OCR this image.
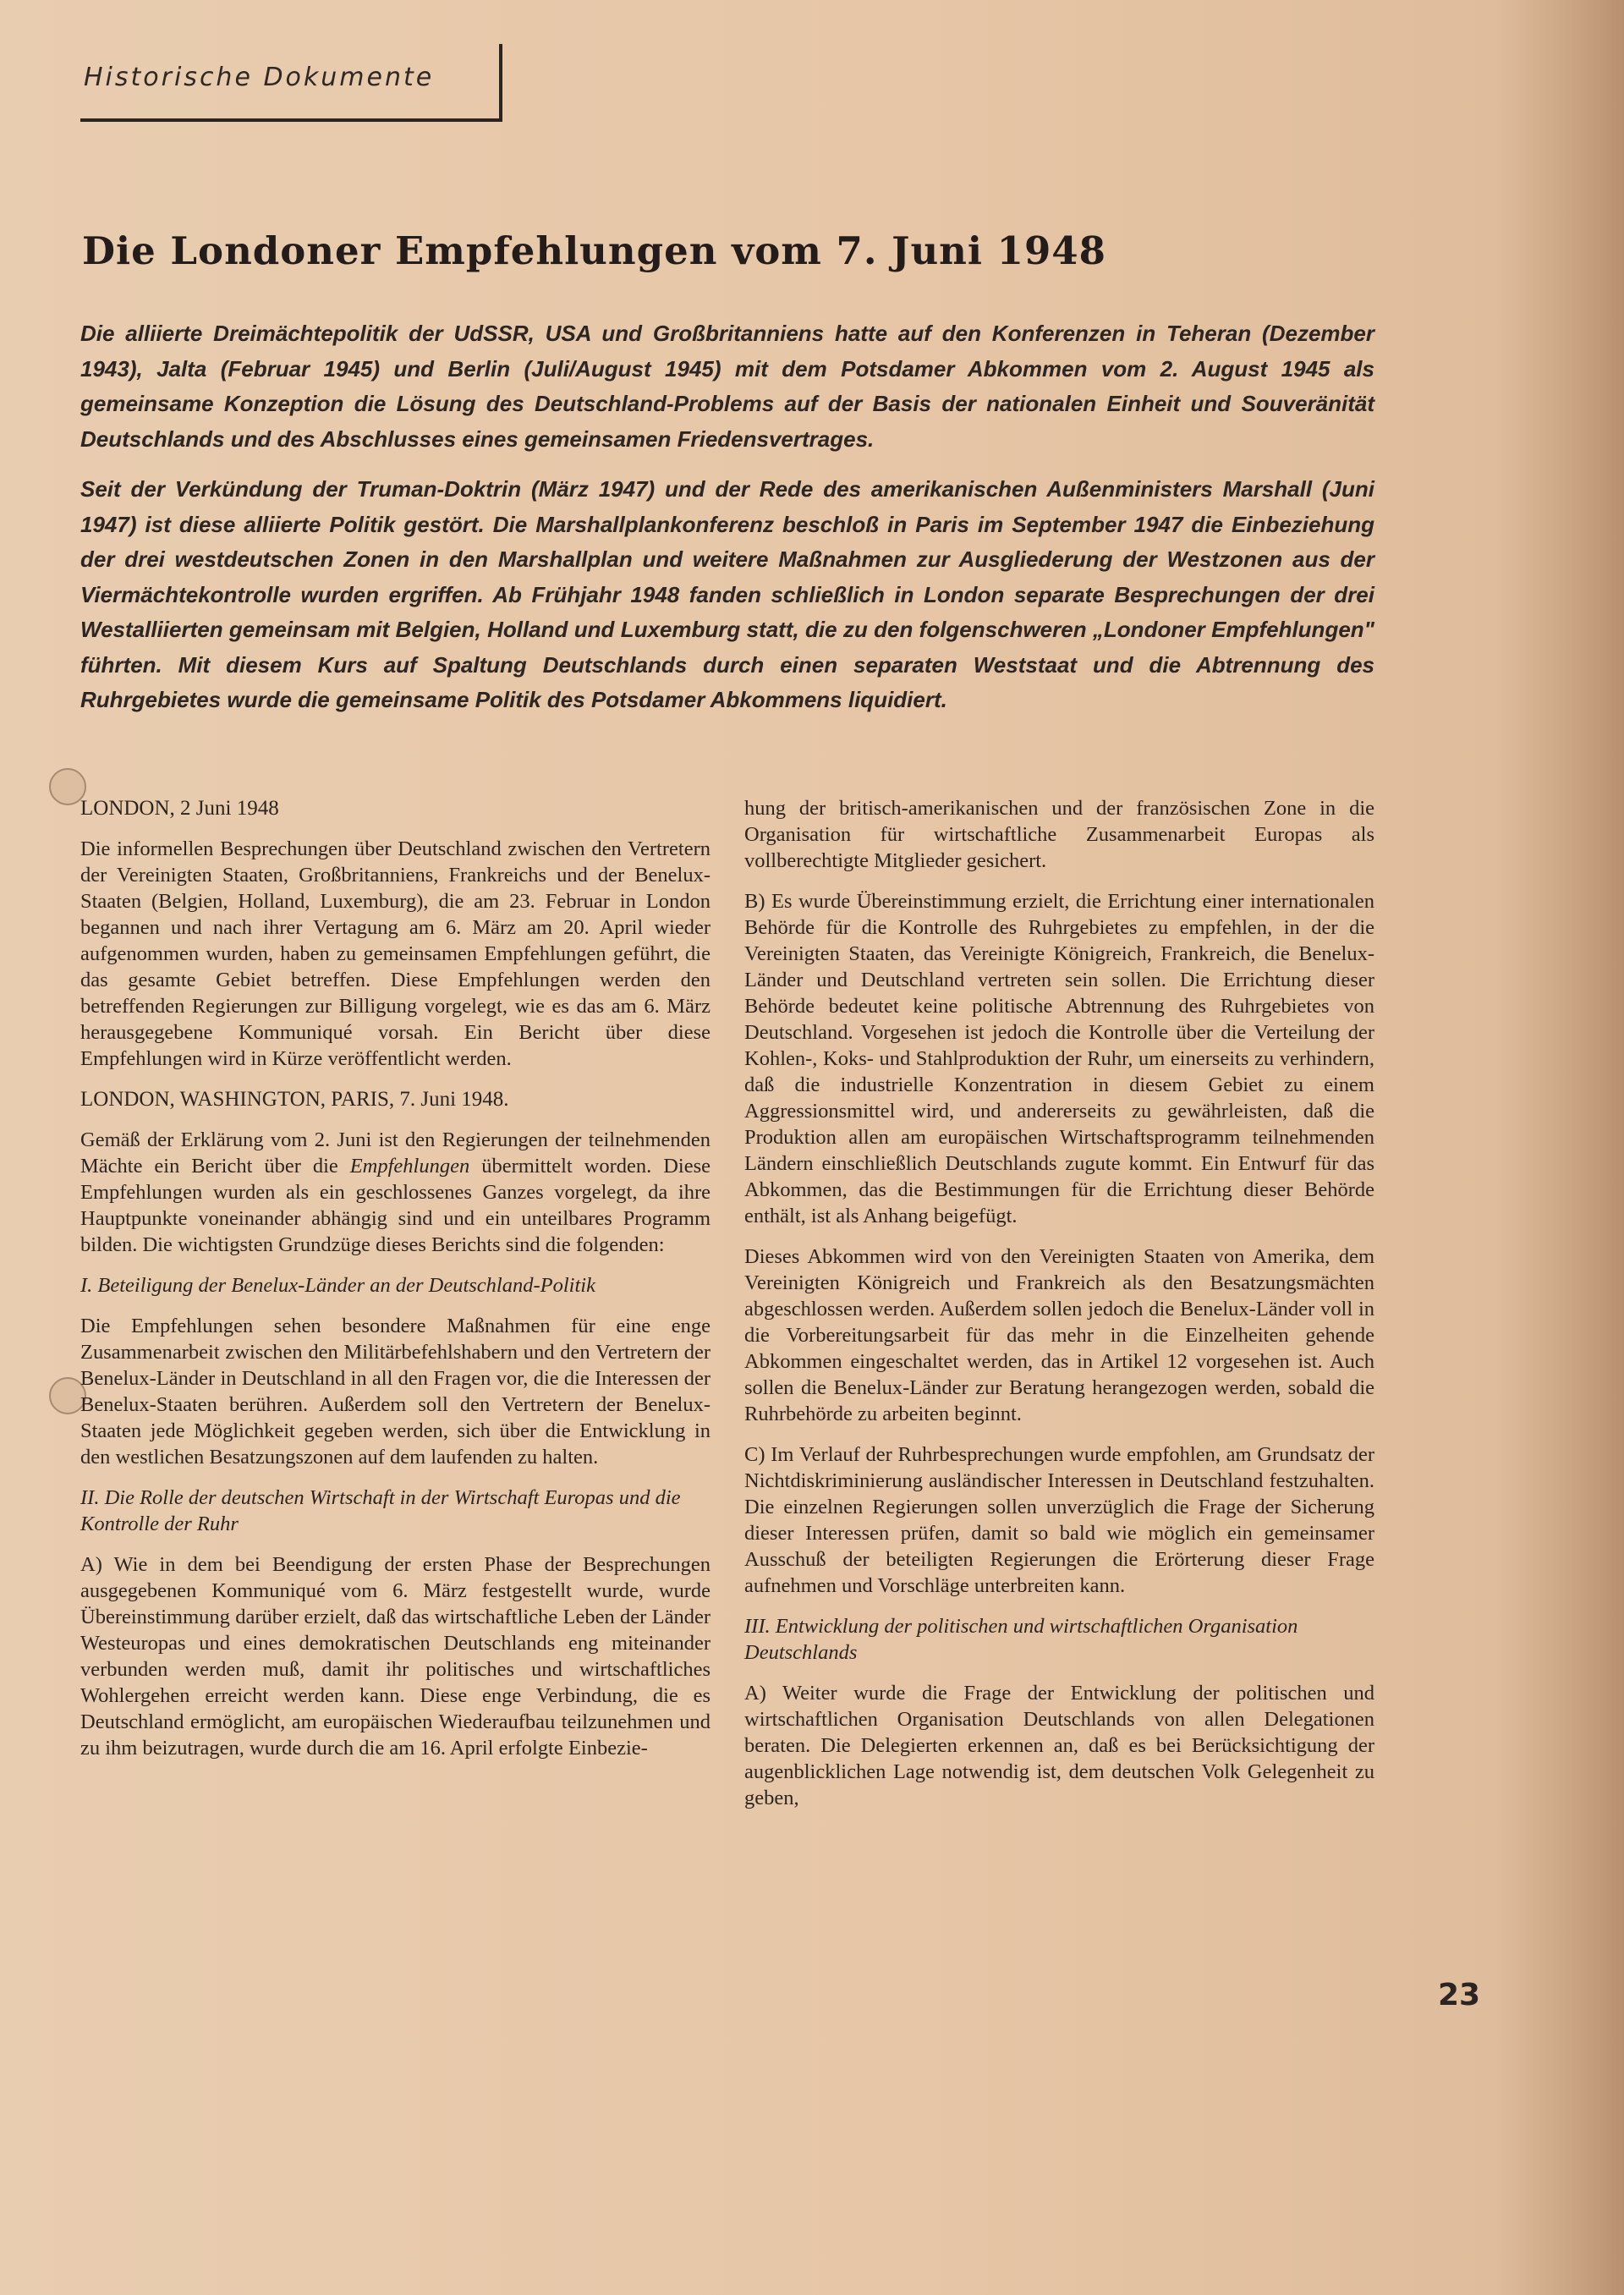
Historische Dokumente
Die Londoner Empfehlungen vom 7. Juni 1948

Die alliierte Dreimächtepolitik der UdSSR, USA und Großbritanniens hatte auf den Konferenzen in Teheran (Dezember 1943), Jalta (Februar 1945) und Berlin (Juli/August 1945) mit dem Potsdamer Abkommen vom 2. August 1945 als gemeinsame Konzeption die Lösung des Deutschland-Problems auf der Basis der nationalen Einheit und Souveränität Deutschlands und des Abschlusses eines gemeinsamen Friedensvertrages.

Seit der Verkündung der Truman-Doktrin (März 1947) und der Rede des amerikanischen Außenministers Marshall (Juni 1947) ist diese alliierte Politik gestört. Die Marshallplankonferenz beschloß in Paris im September 1947 die Einbeziehung der drei westdeutschen Zonen in den Marshallplan und weitere Maßnahmen zur Ausgliederung der Westzonen aus der Viermächtekontrolle wurden ergriffen. Ab Frühjahr 1948 fanden schließlich in London separate Besprechungen der drei Westalliierten gemeinsam mit Belgien, Holland und Luxemburg statt, die zu den folgenschweren „Londoner Empfehlungen" führten. Mit diesem Kurs auf Spaltung Deutschlands durch einen separaten Weststaat und die Abtrennung des Ruhrgebietes wurde die gemeinsame Politik des Potsdamer Abkommens liquidiert.

LONDON, 2 Juni 1948

Die informellen Besprechungen über Deutschland zwischen den Vertretern der Vereinigten Staaten, Großbritanniens, Frankreichs und der Benelux-Staaten (Belgien, Holland, Luxemburg), die am 23. Februar in London begannen und nach ihrer Vertagung am 6. März am 20. April wieder aufgenommen wurden, haben zu gemeinsamen Empfehlungen geführt, die das gesamte Gebiet betreffen. Diese Empfehlungen werden den betreffenden Regierungen zur Billigung vorgelegt, wie es das am 6. März herausgegebene Kommuniqué vorsah. Ein Bericht über diese Empfehlungen wird in Kürze veröffentlicht werden.

LONDON, WASHINGTON, PARIS, 7. Juni 1948.

Gemäß der Erklärung vom 2. Juni ist den Regierungen der teilnehmenden Mächte ein Bericht über die Empfehlungen übermittelt worden. Diese Empfehlungen wurden als ein geschlossenes Ganzes vorgelegt, da ihre Hauptpunkte voneinander abhängig sind und ein unteilbares Programm bilden. Die wichtigsten Grundzüge dieses Berichts sind die folgenden:

I. Beteiligung der Benelux-Länder an der Deutschland-Politik

Die Empfehlungen sehen besondere Maßnahmen für eine enge Zusammenarbeit zwischen den Militärbefehlshabern und den Vertretern der Benelux-Länder in Deutschland in all den Fragen vor, die die Interessen der Benelux-Staaten berühren. Außerdem soll den Vertretern der Benelux-Staaten jede Möglichkeit gegeben werden, sich über die Entwicklung in den westlichen Besatzungszonen auf dem laufenden zu halten.

II. Die Rolle der deutschen Wirtschaft in der Wirtschaft Europas und die Kontrolle der Ruhr

A) Wie in dem bei Beendigung der ersten Phase der Besprechungen ausgegebenen Kommuniqué vom 6. März festgestellt wurde, wurde Übereinstimmung darüber erzielt, daß das wirtschaftliche Leben der Länder Westeuropas und eines demokratischen Deutschlands eng miteinander verbunden werden muß, damit ihr politisches und wirtschaftliches Wohlergehen erreicht werden kann. Diese enge Verbindung, die es Deutschland ermöglicht, am europäischen Wiederaufbau teilzunehmen und zu ihm beizutragen, wurde durch die am 16. April erfolgte Einbezie-

hung der britisch-amerikanischen und der französischen Zone in die Organisation für wirtschaftliche Zusammenarbeit Europas als vollberechtigte Mitglieder gesichert.

B) Es wurde Übereinstimmung erzielt, die Errichtung einer internationalen Behörde für die Kontrolle des Ruhrgebietes zu empfehlen, in der die Vereinigten Staaten, das Vereinigte Königreich, Frankreich, die Benelux-Länder und Deutschland vertreten sein sollen. Die Errichtung dieser Behörde bedeutet keine politische Abtrennung des Ruhrgebietes von Deutschland. Vorgesehen ist jedoch die Kontrolle über die Verteilung der Kohlen-, Koks- und Stahlproduktion der Ruhr, um einerseits zu verhindern, daß die industrielle Konzentration in diesem Gebiet zu einem Aggressionsmittel wird, und andererseits zu gewährleisten, daß die Produktion allen am europäischen Wirtschaftsprogramm teilnehmenden Ländern einschließlich Deutschlands zugute kommt. Ein Entwurf für das Abkommen, das die Bestimmungen für die Errichtung dieser Behörde enthält, ist als Anhang beigefügt.

Dieses Abkommen wird von den Vereinigten Staaten von Amerika, dem Vereinigten Königreich und Frankreich als den Besatzungsmächten abgeschlossen werden. Außerdem sollen jedoch die Benelux-Länder voll in die Vorbereitungsarbeit für das mehr in die Einzelheiten gehende Abkommen eingeschaltet werden, das in Artikel 12 vorgesehen ist. Auch sollen die Benelux-Länder zur Beratung herangezogen werden, sobald die Ruhrbehörde zu arbeiten beginnt.

C) Im Verlauf der Ruhrbesprechungen wurde empfohlen, am Grundsatz der Nichtdiskriminierung ausländischer Interessen in Deutschland festzuhalten. Die einzelnen Regierungen sollen unverzüglich die Frage der Sicherung dieser Interessen prüfen, damit so bald wie möglich ein gemeinsamer Ausschuß der beteiligten Regierungen die Erörterung dieser Frage aufnehmen und Vorschläge unterbreiten kann.

III. Entwicklung der politischen und wirtschaftlichen Organisation Deutschlands

A) Weiter wurde die Frage der Entwicklung der politischen und wirtschaftlichen Organisation Deutschlands von allen Delegationen beraten. Die Delegierten erkennen an, daß es bei Berücksichtigung der augenblicklichen Lage notwendig ist, dem deutschen Volk Gelegenheit zu geben,

23
